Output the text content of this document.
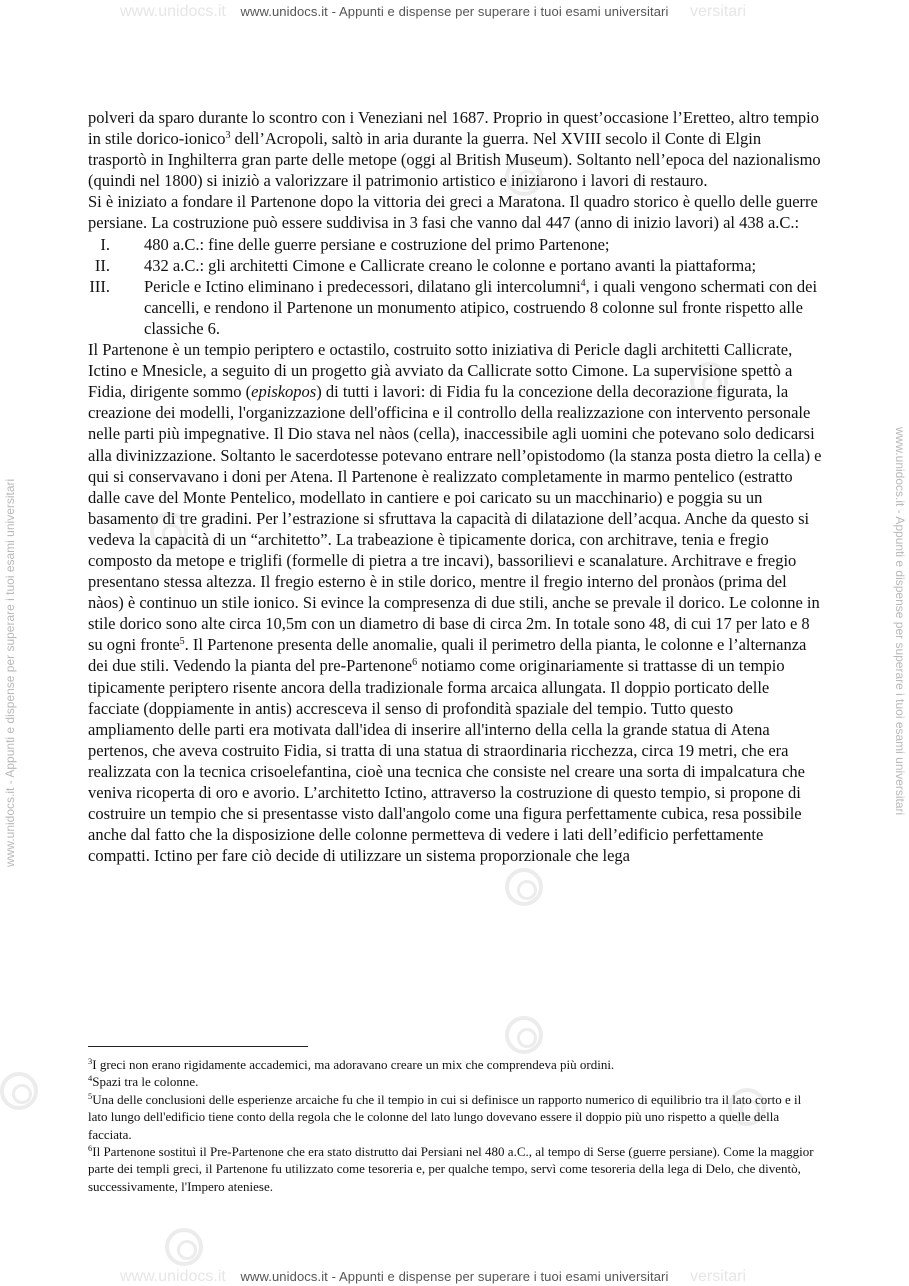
www.unidocs.it - Appunti e dispense per superare i tuoi esami universitari
www.unidocs.it	versitari
www.unidocs.it - Appunti e dispense per superare i tuoi esami universitari
www.unidocs.it	versitari
www.unidocs.it - Appunti e dispense per superare i tuoi esami universitari	www.unidocs.it - Appunti e dispense per superare i tuoi esami universitari

polveri da sparo durante lo scontro con i Veneziani nel 1687. Proprio in quest’occasione l’Eretteo, altro tempio in stile dorico-ionico$^3$ dell’Acropoli, saltò in aria durante la guerra. Nel XVIII secolo il Conte di Elgin trasportò in Inghilterra gran parte delle metope (oggi al British Museum). Soltanto nell’epoca del nazionalismo (quindi nel 1800) si iniziò a valorizzare il patrimonio artistico e iniziarono i lavori di restauro.

Si è iniziato a fondare il Partenone dopo la vittoria dei greci a Maratona. Il quadro storico è quello delle guerre persiane. La costruzione può essere suddivisa in 3 fasi che vanno dal 447 (anno di inizio lavori) al 438 a.C.:

I. 480 a.C.: fine delle guerre persiane e costruzione del primo Partenone;
II. 432 a.C.: gli architetti Cimone e Callicrate creano le colonne e portano avanti la piattaforma;
III. Pericle e Ictino eliminano i predecessori, dilatano gli intercolumni$^4$, i quali vengono schermati con dei cancelli, e rendono il Partenone un monumento atipico, costruendo 8 colonne sul fronte rispetto alle classiche 6.

Il Partenone è un tempio periptero e octastilo, costruito sotto iniziativa di Pericle dagli architetti Callicrate, Ictino e Mnesicle, a seguito di un progetto già avviato da Callicrate sotto Cimone. La supervisione spettò a Fidia, dirigente sommo (episkopos) di tutti i lavori: di Fidia fu la concezione della decorazione figurata, la creazione dei modelli, l'organizzazione dell'officina e il controllo della realizzazione con intervento personale nelle parti più impegnative. Il Dio stava nel nàos (cella), inaccessibile agli uomini che potevano solo dedicarsi alla divinizzazione. Soltanto le sacerdotesse potevano entrare nell’opistodomo (la stanza posta dietro la cella) e qui si conservavano i doni per Atena. Il Partenone è realizzato completamente in marmo pentelico (estratto dalle cave del Monte Pentelico, modellato in cantiere e poi caricato su un macchinario) e poggia su un basamento di tre gradini. Per l’estrazione si sfruttava la capacità di dilatazione dell’acqua. Anche da questo si vedeva la capacità di un “architetto”. La trabeazione è tipicamente dorica, con architrave, tenia e fregio composto da metope e triglifi (formelle di pietra a tre incavi), bassorilievi e scanalature. Architrave e fregio presentano stessa altezza. Il fregio esterno è in stile dorico, mentre il fregio interno del pronàos (prima del nàos) è continuo un stile ionico. Si evince la compresenza di due stili, anche se prevale il dorico. Le colonne in stile dorico sono alte circa 10,5m con un diametro di base di circa 2m. In totale sono 48, di cui 17 per lato e 8 su ogni fronte$^5$. Il Partenone presenta delle anomalie, quali il perimetro della pianta, le colonne e l’alternanza dei due stili. Vedendo la pianta del pre-Partenone$^6$ notiamo come originariamente si trattasse di un tempio tipicamente periptero risente ancora della tradizionale forma arcaica allungata. Il doppio porticato delle facciate (doppiamente in antis) accresceva il senso di profondità spaziale del tempio. Tutto questo ampliamento delle parti era motivata dall'idea di inserire all'interno della cella la grande statua di Atena pertenos, che aveva costruito Fidia, si tratta di una statua di straordinaria ricchezza, circa 19 metri, che era realizzata con la tecnica crisoelefantina, cioè una tecnica che consiste nel creare una sorta di impalcatura che veniva ricoperta di oro e avorio. L’architetto Ictino, attraverso la costruzione di questo tempio, si propone di costruire un tempio che si presentasse visto dall'angolo come una figura perfettamente cubica, resa possibile anche dal fatto che la disposizione delle colonne permetteva di vedere i lati dell’edificio perfettamente compatti. Ictino per fare ciò decide di utilizzare un sistema proporzionale che lega

$^3$I greci non erano rigidamente accademici, ma adoravano creare un mix che comprendeva più ordini.

$^4$Spazi tra le colonne.

$^5$Una delle conclusioni delle esperienze arcaiche fu che il tempio in cui si definisce un rapporto numerico di equilibrio tra il lato corto e il lato lungo dell'edificio tiene conto della regola che le colonne del lato lungo dovevano essere il doppio più uno rispetto a quelle della facciata.

$^6$Il Partenone sostituì il Pre-Partenone che era stato distrutto dai Persiani nel 480 a.C., al tempo di Serse (guerre persiane). Come la maggior parte dei templi greci, il Partenone fu utilizzato come tesoreria e, per qualche tempo, servì come tesoreria della lega di Delo, che diventò, successivamente, l'Impero ateniese.
